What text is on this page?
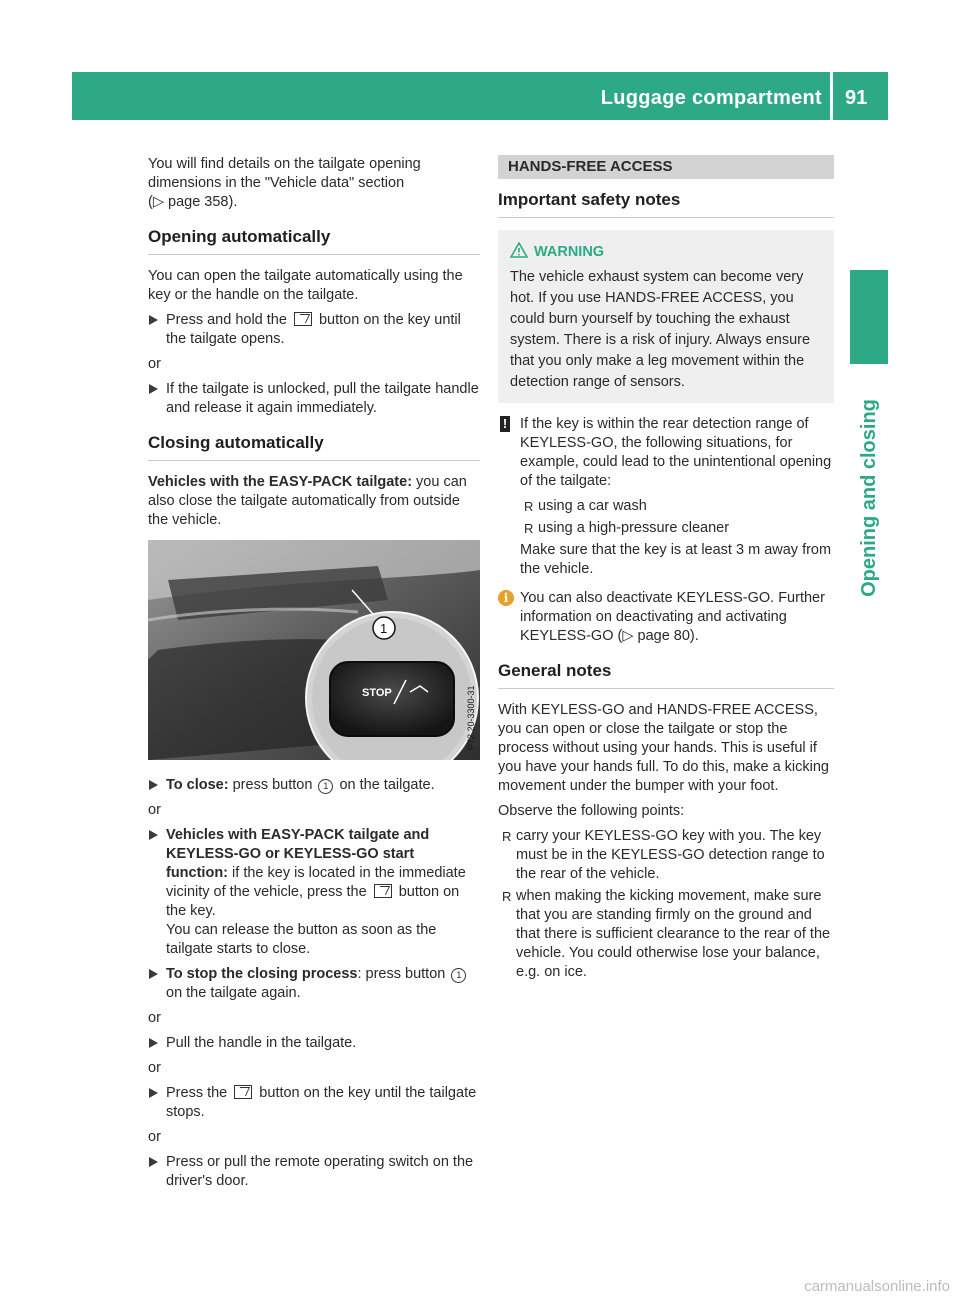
Luggage compartment 91
Opening and closing

You will find details on the tailgate opening dimensions in the "Vehicle data" section
(▷ page 358).

Opening automatically

You can open the tailgate automatically using the key or the handle on the tailgate.

Press and hold the button on the key until the tailgate opens.
or
If the tailgate is unlocked, pull the tailgate handle and release it again immediately.
Closing automatically

Vehicles with the EASY-PACK tailgate: you can also close the tailgate automatically from outside the vehicle.

STOP
1
P72.20-3300-31
To close: press button 1 on the tailgate.
or
Vehicles with EASY-PACK tailgate and KEYLESS-GO or KEYLESS-GO start function: if the key is located in the immediate vicinity of the vehicle, press the  button on the key.
You can release the button as soon as the tailgate starts to close.
To stop the closing process: press button 1 on the tailgate again.
or
Pull the handle in the tailgate.
or
Press the  button on the key until the tailgate stops.
or
Press or pull the remote operating switch on the driver's door.
HANDS-FREE ACCESS
Important safety notes
WARNING
The vehicle exhaust system can become very hot. If you use HANDS-FREE ACCESS, you could burn yourself by touching the exhaust system. There is a risk of injury. Always ensure that you only make a leg movement within the detection range of sensors.
! If the key is within the rear detection range of KEYLESS-GO, the following situations, for example, could lead to the unintentional opening of the tailgate:
R using a car wash
R using a high-pressure cleaner

Make sure that the key is at least 3 m away from the vehicle.

i You can also deactivate KEYLESS-GO. Further information on deactivating and activating KEYLESS-GO (▷ page 80).
General notes

With KEYLESS-GO and HANDS-FREE ACCESS, you can open or close the tailgate or stop the process without using your hands. This is useful if you have your hands full. To do this, make a kicking movement under the bumper with your foot.

Observe the following points:

R carry your KEYLESS-GO key with you. The key must be in the KEYLESS-GO detection range to the rear of the vehicle.
R when making the kicking movement, make sure that you are standing firmly on the ground and that there is sufficient clearance to the rear of the vehicle. You could otherwise lose your balance, e.g. on ice.
carmanualsonline.info
